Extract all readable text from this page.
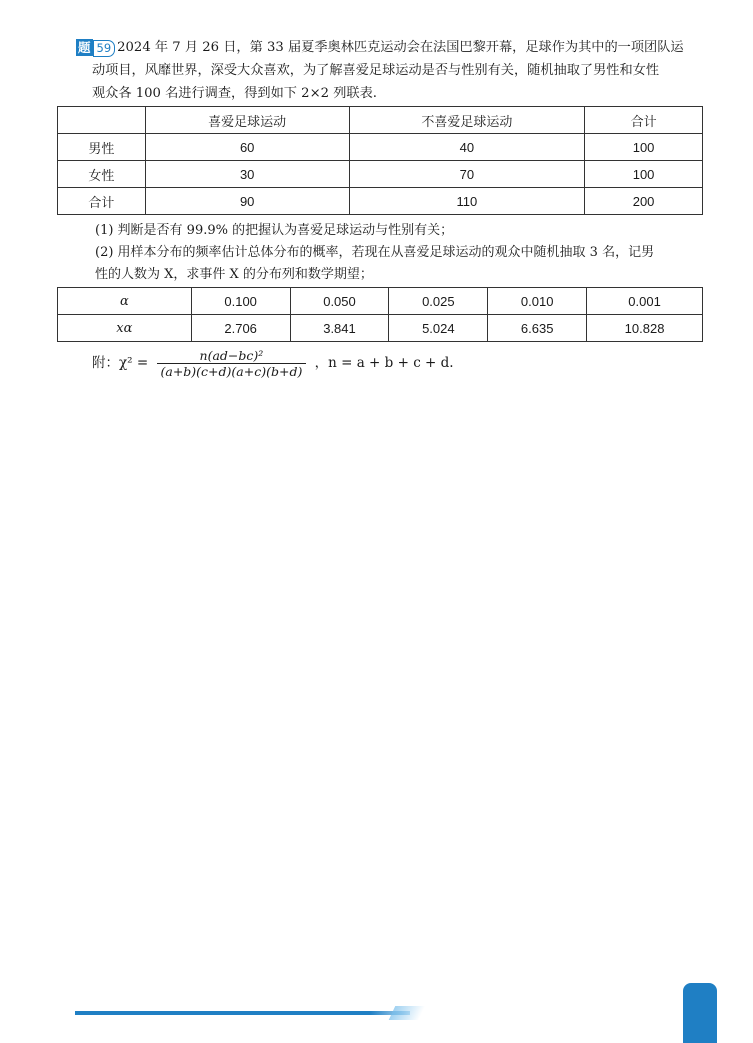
题 59 2024 年 7 月 26 日，第 33 届夏季奥林匹克运动会在法国巴黎开幕，足球作为其中的一项团队运

动项目，风靡世界，深受大众喜欢，为了解喜爱足球运动是否与性别有关，随机抽取了男性和女性

观众各 100 名进行调查，得到如下 2×2 列联表.

	喜爱足球运动	不喜爱足球运动	合计
男性	60	40	100
女性	30	70	100
合计	90	110	200
(1) 判断是否有 99.9% 的把握认为喜爱足球运动与性别有关；
(2) 用样本分布的频率估计总体分布的概率，若现在从喜爱足球运动的观众中随机抽取 3 名，记男
性的人数为 X，求事件 X 的分布列和数学期望；
α	0.100	0.050	0.025	0.010	0.001
xα	2.706	3.841	5.024	6.635	10.828
附：$\chi^2 = \frac{\text{n(ad−bc)²}}{(a+b)(c+d)(a+c)(b+d)}$ ，n = a + b + c + d.
